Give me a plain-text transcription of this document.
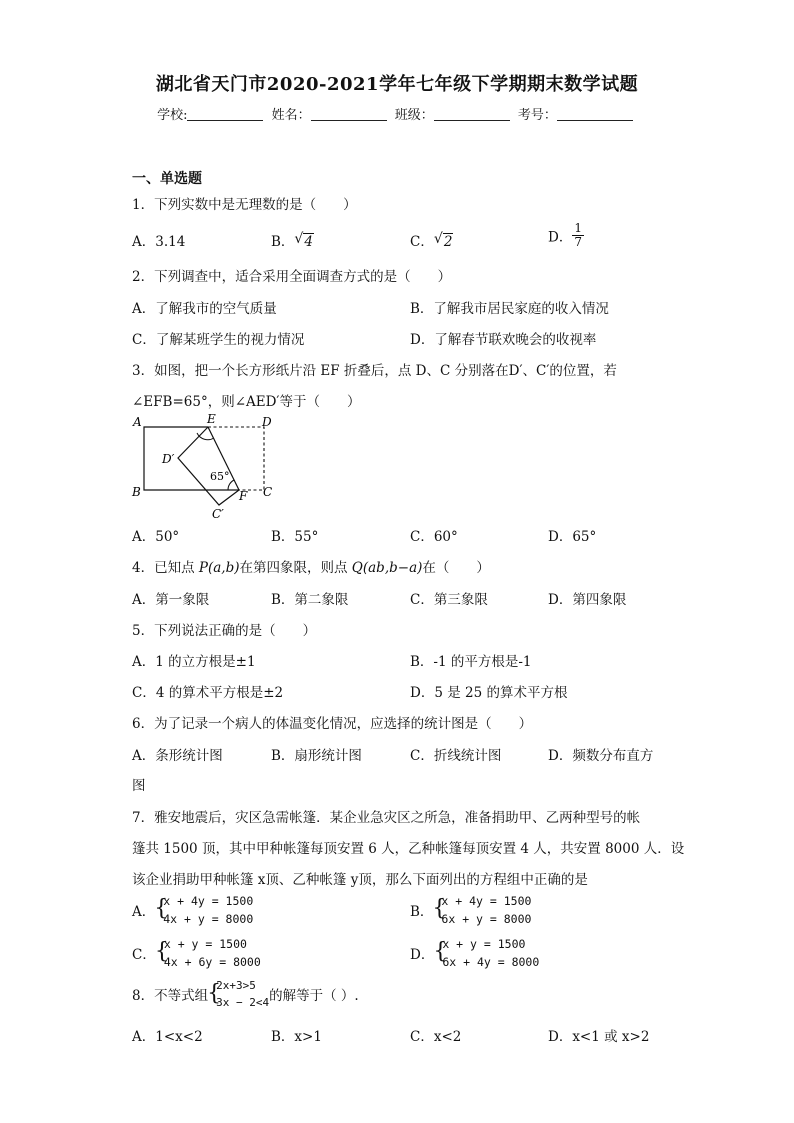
湖北省天门市2020-2021学年七年级下学期期末数学试题
学校:	姓名：	班级：	考号：
一、单选题
1．下列实数中是无理数的是（　　）
A．3.14	B． √ 4	C． √ 2	D． $\frac{1}{7}$
2．下列调查中，适合采用全面调查方式的是（　　）
A．了解我市的空气质量	B．了解我市居民家庭的收入情况
C．了解某班学生的视力情况	D．了解春节联欢晚会的收视率
3．如图，把一个长方形纸片沿 EF 折叠后，点 D、C 分别落在D′、C′的位置，若
∠EFB=65°，则∠AED′等于（　　）
A	E	D
D′
65°
B	F C
C′
A．50°	B．55°	C．60°	D．65°
4．已知点 P(a,b)在第四象限，则点 Q(ab,b−a)在（　　）
A．第一象限	B．第二象限	C．第三象限	D．第四象限
5．下列说法正确的是（　　）
A．1 的立方根是±1	B．-1 的平方根是-1
C．4 的算术平方根是±2	D．5 是 25 的算术平方根
6．为了记录一个病人的体温变化情况，应选择的统计图是（　　）
A．条形统计图	B．扇形统计图	C．折线统计图	D．频数分布直方
图
7．雅安地震后，灾区急需帐篷．某企业急灾区之所急，准备捐助甲、乙两种型号的帐
篷共 1500 顶，其中甲种帐篷每顶安置 6 人，乙种帐篷每顶安置 4 人，共安置 8000 人．设
该企业捐助甲种帐篷 x顶、乙种帐篷 y顶，那么下面列出的方程组中正确的是
A． {
x + 4y = 1500
4x + y = 8000	B． {
x + 4y = 1500
6x + y = 8000
C． {
x + y = 1500
4x + 6y = 8000	D． {
x + y = 1500
6x + 4y = 8000
8．不等式组 {
2x+3>5
3x − 2<4 的解等于（ ）.
A．1<x<2	B．x>1	C．x<2	D．x<1 或 x>2
